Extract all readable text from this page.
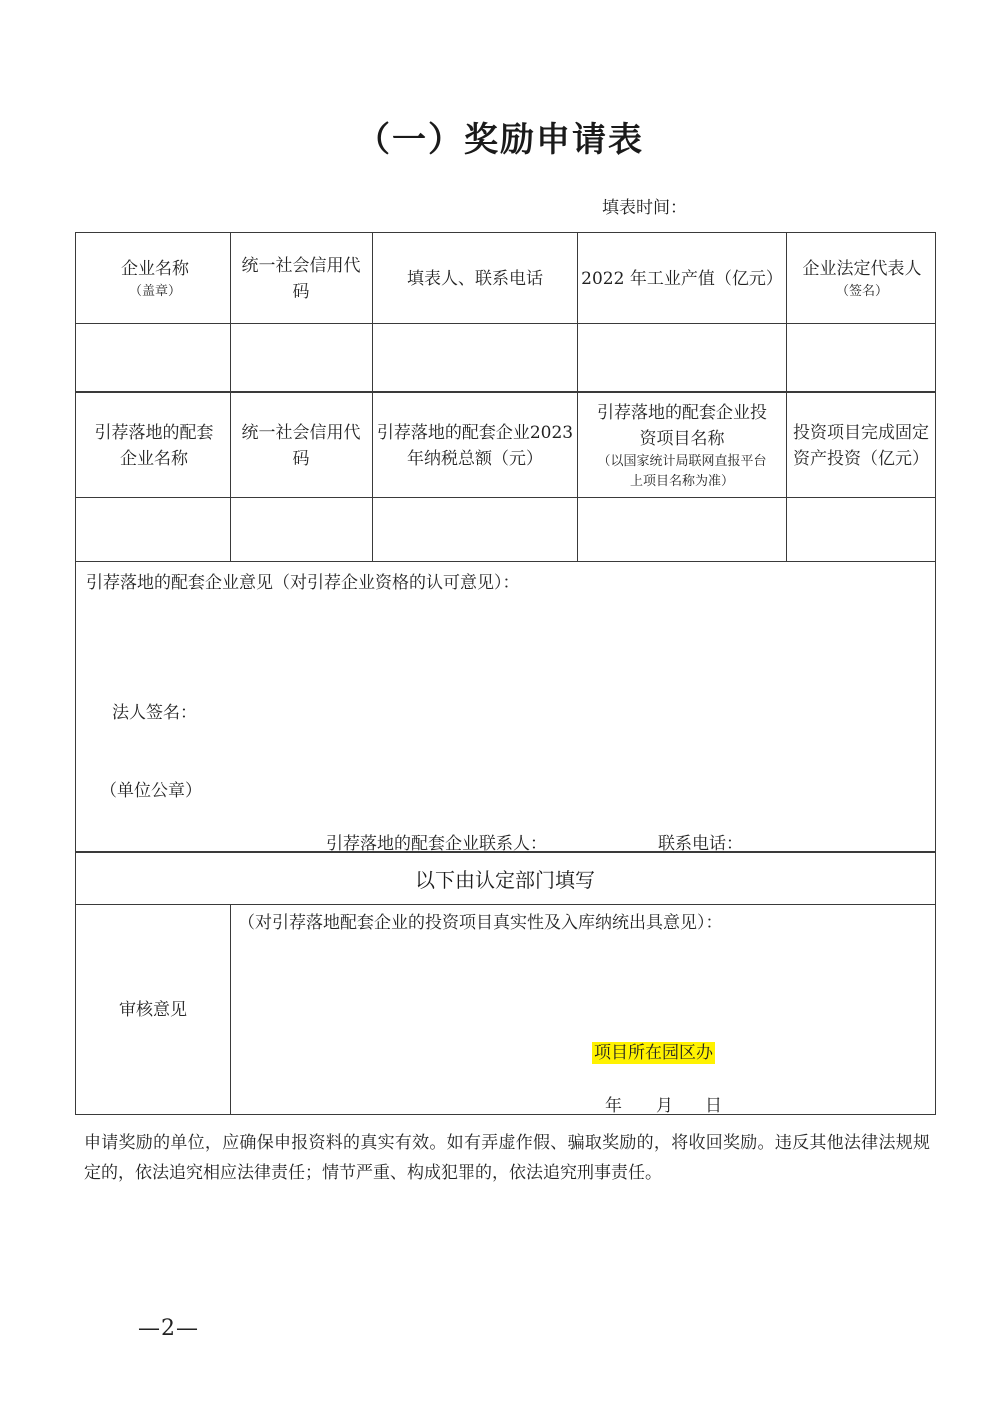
（一）奖励申请表
填表时间：
企业名称
（盖章）
统一社会信用代码
填表人、联系电话 2022 年工业产值（亿元） 企业法定代表人
（签名）
引荐落地的配套企业名称
统一社会信用代码
引荐落地的配套企业2023 年纳税总额（元）
引荐落地的配套企业投资项目名称
（以国家统计局联网直报平台上项目名称为准）
投资项目完成固定资产投资（亿元）
引荐落地的配套企业意见（对引荐企业资格的认可意见）：
法人签名：
（单位公章）
引荐落地的配套企业联系人：	联系电话：
以下由认定部门填写
审核意见
（对引荐落地配套企业的投资项目真实性及入库纳统出具意见）：
项目所在园区办
年 月 日
申请奖励的单位，应确保申报资料的真实有效。如有弄虚作假、骗取奖励的，将收回奖励。违反其他法律法规规定的，依法追究相应法律责任；情节严重、构成犯罪的，依法追究刑事责任。
—2—
